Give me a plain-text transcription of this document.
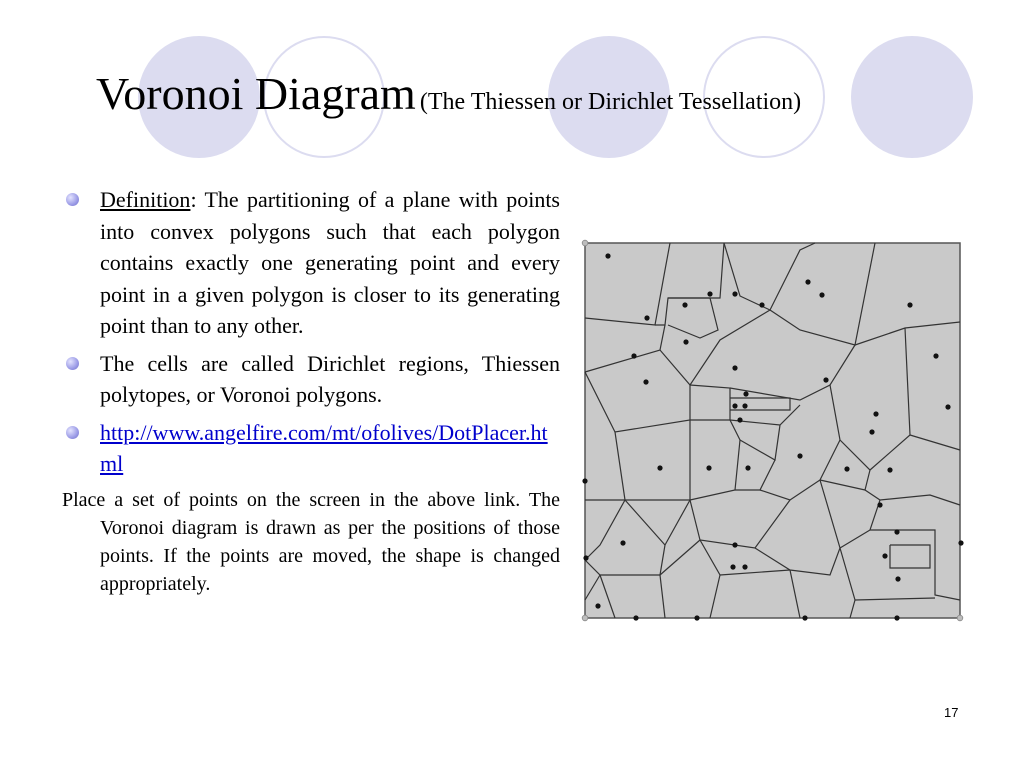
Voronoi Diagram (The Thiessen or Dirichlet Tessellation)
Definition: The partitioning of a plane with points into convex polygons such that each polygon contains exactly one generating point and every point in a given polygon is closer to its generating point than to any other.
The cells are called Dirichlet regions, Thiessen polytopes, or Voronoi polygons.
http://www.angelfire.com/mt/ofolives/DotPlacer.html
Place a set of points on the screen in the above link. The Voronoi diagram is drawn as per the positions of those points. If the points are moved, the shape is changed appropriately.
17
